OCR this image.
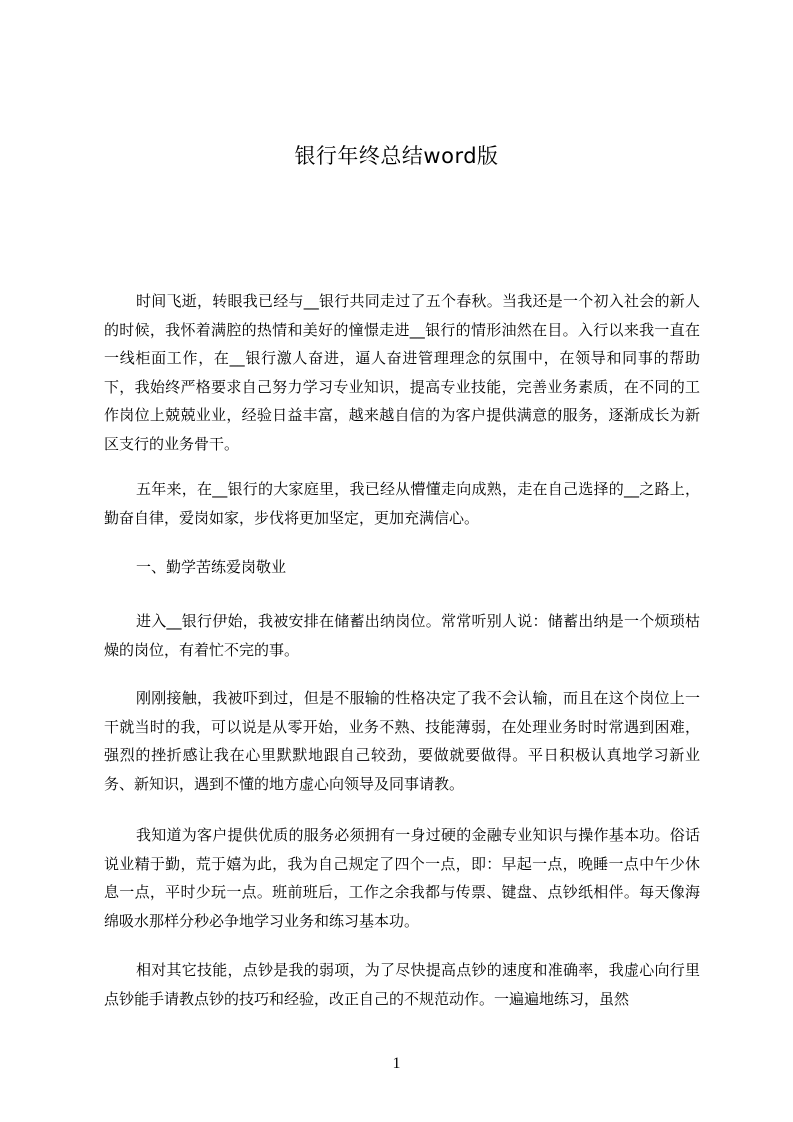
银行年终总结word版

时间飞逝，转眼我已经与__银行共同走过了五个春秋。当我还是一个初入社会的新人的时候，我怀着满腔的热情和美好的憧憬走进__银行的情形油然在目。入行以来我一直在一线柜面工作，在__银行激人奋进，逼人奋进管理理念的氛围中，在领导和同事的帮助下，我始终严格要求自己努力学习专业知识，提高专业技能，完善业务素质，在不同的工作岗位上兢兢业业，经验日益丰富，越来越自信的为客户提供满意的服务，逐渐成长为新区支行的业务骨干。

五年来，在__银行的大家庭里，我已经从懵懂走向成熟，走在自己选择的__之路上，勤奋自律，爱岗如家，步伐将更加坚定，更加充满信心。

一、勤学苦练爱岗敬业

进入__银行伊始，我被安排在储蓄出纳岗位。常常听别人说：储蓄出纳是一个烦琐枯燥的岗位，有着忙不完的事。

刚刚接触，我被吓到过，但是不服输的性格决定了我不会认输，而且在这个岗位上一干就当时的我，可以说是从零开始，业务不熟、技能薄弱，在处理业务时时常遇到困难，强烈的挫折感让我在心里默默地跟自己较劲，要做就要做得。平日积极认真地学习新业务、新知识，遇到不懂的地方虚心向领导及同事请教。

我知道为客户提供优质的服务必须拥有一身过硬的金融专业知识与操作基本功。俗话说业精于勤，荒于嬉为此，我为自己规定了四个一点，即：早起一点，晚睡一点中午少休息一点，平时少玩一点。班前班后，工作之余我都与传票、键盘、点钞纸相伴。每天像海绵吸水那样分秒必争地学习业务和练习基本功。

相对其它技能，点钞是我的弱项，为了尽快提高点钞的速度和准确率，我虚心向行里点钞能手请教点钞的技巧和经验，改正自己的不规范动作。一遍遍地练习，虽然

1
